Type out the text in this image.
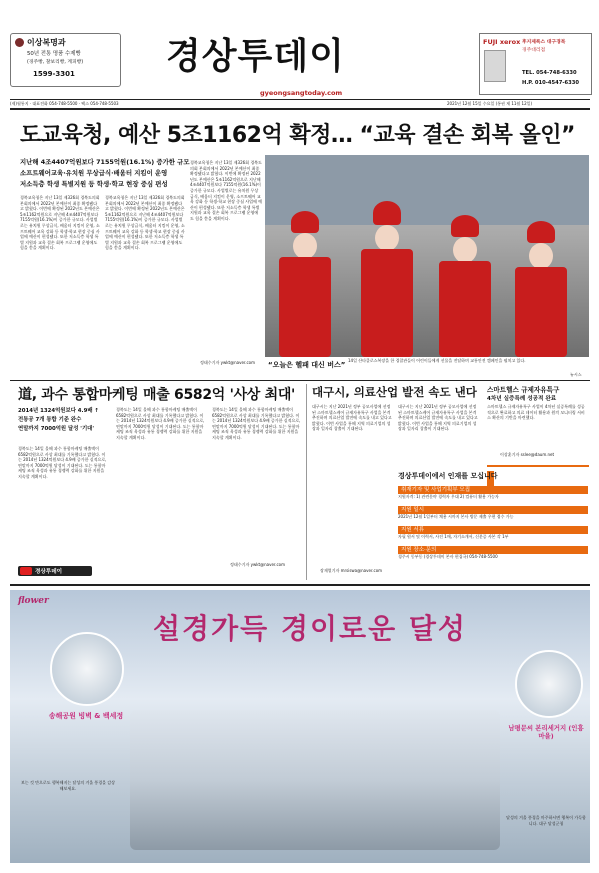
이상복명과
50년 전통 명품 수제빵
(경주빵, 찰보리빵, 계피빵)
1599-3301	경상투데이
gyeongsangtoday.com
FUJI xerox 후지제록스 대구경북
경주대리점
TEL. 054-748-6330
H.P. 010-4547-6330
(제)월통지 · 대표전화 054-748-5500 · 팩스 054-748-5503	2021년 12월 15일 수요일 (통권 제 11월 12일)
도교육청, 예산 5조1162억 확정… “교육 결손 회복 올인”
지난해 4조4407억원보다 7155억원(16.1%) 증가한 규모
소프트웨어교육·유치원 무상급식·배움터 지킴이 운영
저소득층 학생 특별지원 등 학생·학교 현장 중심 편성

경북교육청은 지난 13일 제326회 경북도의회 본회의에서 2022년 본예산이 최종 확정됐다고 밝혔다. 이번에 확정된 2022년도 본예산은 5조1162억원으로 지난해 4조4407억원보다 7155억원(16.1%)이 증가한 규모다. 사업별로는 유치원 무상급식, 배움터 지킴이 운영, 소프트웨어 교육 강화 등 학생·학교 현장 중심 사업에 예산이 편성됐다. 또한 저소득층 학생 특별 지원과 교육 결손 회복 프로그램 운영에도 힘을 쏟을 계획이다.

경북교육청은 지난 13일 제326회 경북도의회 본회의에서 2022년 본예산이 최종 확정됐다고 밝혔다. 이번에 확정된 2022년도 본예산은 5조1162억원으로 지난해 4조4407억원보다 7155억원(16.1%)이 증가한 규모다. 사업별로는 유치원 무상급식, 배움터 지킴이 운영, 소프트웨어 교육 강화 등 학생·학교 현장 중심 사업에 예산이 편성됐다. 또한 저소득층 학생 특별 지원과 교육 결손 회복 프로그램 운영에도 힘을 쏟을 계획이다.

경북교육청은 지난 13일 제326회 경북도의회 본회의에서 2022년 본예산이 최종 확정됐다고 밝혔다. 이번에 확정된 2022년도 본예산은 5조1162억원으로 지난해 4조4407억원보다 7155억원(16.1%)이 증가한 규모다. 사업별로는 유치원 무상급식, 배움터 지킴이 운영, 소프트웨어 교육 강화 등 학생·학교 현장 중심 사업에 예산이 편성됐다. 또한 저소득층 학생 특별 지원과 교육 결손 회복 프로그램 운영에도 힘을 쏟을 계획이다.

정태수기자 ywkt@naver.com “오늘은 헬패 대신 버스”
14일 산타클로스복장을 한 경찰관들이 어린이들에게 선물을 전달하며 교통안전 캠페인을 펼치고 있다.
뉴시스
道, 과수 통합마케팅 매출 6582억 '사상 최대'
2014년 1324억원보다 4.9배 ↑
전통공 7개 통합 기준 완수
연말까지 7000억원 달성 '기대'

경북도는 14일 올해 과수 통합마케팅 매출액이 6582억원으로 사상 최대를 기록했다고 밝혔다. 이는 2014년 1324억원보다 4.9배 증가한 실적으로, 연말까지 7000억원 달성이 기대된다. 도는 통합마케팅 조직 육성과 유통 경쟁력 강화를 위한 지원을 지속할 계획이다.

경북도는 14일 올해 과수 통합마케팅 매출액이 6582억원으로 사상 최대를 기록했다고 밝혔다. 이는 2014년 1324억원보다 4.9배 증가한 실적으로, 연말까지 7000억원 달성이 기대된다. 도는 통합마케팅 조직 육성과 유통 경쟁력 강화를 위한 지원을 지속할 계획이다.

경북도는 14일 올해 과수 통합마케팅 매출액이 6582억원으로 사상 최대를 기록했다고 밝혔다. 이는 2014년 1324억원보다 4.9배 증가한 실적으로, 연말까지 7000억원 달성이 기대된다. 도는 통합마케팅 조직 육성과 유통 경쟁력 강화를 위한 지원을 지속할 계획이다.

정태수기자 ywkt@naver.com
경상투데이
대구시, 의료산업 발전 속도 낸다

대구시는 지난 2021년 정부 공모사업에 선정된 스마트헬스케어 규제자유특구 사업을 본격 추진하며 의료산업 발전에 속도를 내고 있다고 밝혔다. 이번 사업을 통해 지역 의료기업의 성장과 일자리 창출이 기대된다.

대구시는 지난 2021년 정부 공모사업에 선정된 스마트헬스케어 규제자유특구 사업을 본격 추진하며 의료산업 발전에 속도를 내고 있다고 밝혔다. 이번 사업을 통해 지역 의료기업의 성장과 일자리 창출이 기대된다.

장재열기자 mrsiswa@naver.com
스마트헬스 규제자유특구
4차년 실증특례 성공적 완료

스마트헬스 규제자유특구 사업이 4차년 실증특례를 성공적으로 완료하고 의료 데이터 활용과 원격 모니터링 서비스 확산의 기반을 마련했다.

이상훈기자 sslee@daum.net
경상투데이에서 인재를 모십니다
취재기자 및 사업기획부 모집
지원자격: 1) 관련분야 경력자 우대 2) 컴퓨터 활용 가능자
지원 일시
2021년 12월 1일부터 채용 시까지 본사 방문 제출 우편 접수 가능
지원 서류
자필 원서 및 이력서, 사진 1매, 자기소개서, 신분증 사본 각 1부
지원 장소·문의
경주시 동부동 (경상투데이 본사 편집국) 054-748-5500
flower
설경가득 경이로운 달성
송해공원 빙벽 & 백세정
남평문씨 본리세거지 (인흥마을)
보는 것 만으로도 행복해지는 달성의 겨울 풍경을 감상해보세요.
달성의 겨울 풍경을 마주하시면 행복이 가득합니다. 대구 달성군청
